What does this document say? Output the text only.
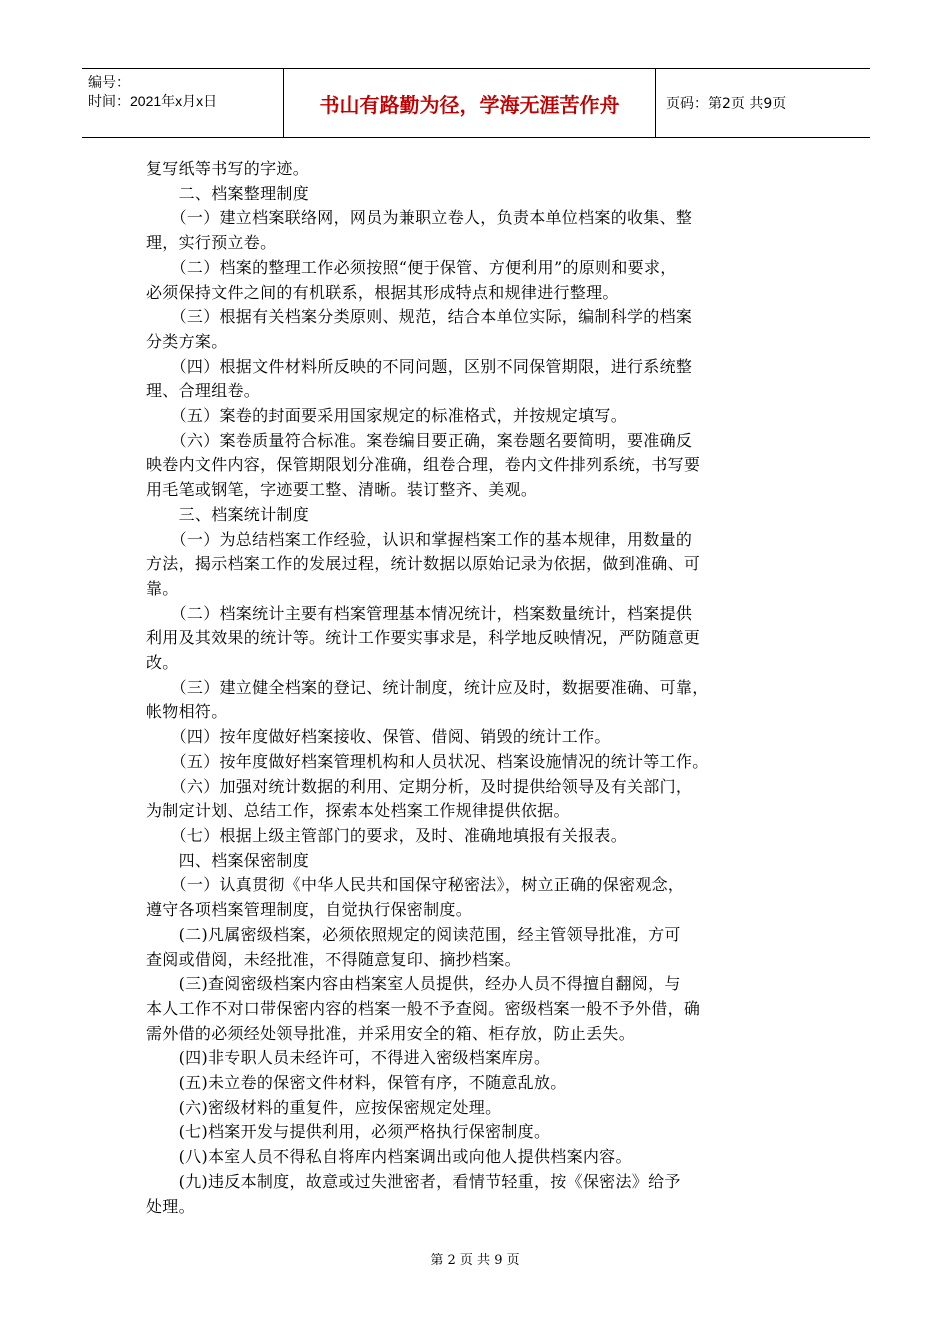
编号：
时间：2021年x月x日	书山有路勤为径，学海无涯苦作舟	页码：第2页 共9页
复写纸等书写的字迹。
　　二、档案整理制度
　　（一）建立档案联络网，网员为兼职立卷人，负责本单位档案的收集、整
理，实行预立卷。
　　（二）档案的整理工作必须按照“便于保管、方便利用”的原则和要求，
必须保持文件之间的有机联系，根据其形成特点和规律进行整理。
　　（三）根据有关档案分类原则、规范，结合本单位实际，编制科学的档案
分类方案。
　　（四）根据文件材料所反映的不同问题，区别不同保管期限，进行系统整
理、合理组卷。
　　（五）案卷的封面要采用国家规定的标准格式，并按规定填写。
　　（六）案卷质量符合标准。案卷编目要正确，案卷题名要简明，要准确反
映卷内文件内容，保管期限划分准确，组卷合理，卷内文件排列系统，书写要
用毛笔或钢笔，字迹要工整、清晰。装订整齐、美观。
　　三、档案统计制度
　　（一）为总结档案工作经验，认识和掌握档案工作的基本规律，用数量的
方法，揭示档案工作的发展过程，统计数据以原始记录为依据，做到准确、可
靠。
　　（二）档案统计主要有档案管理基本情况统计，档案数量统计，档案提供
利用及其效果的统计等。统计工作要实事求是，科学地反映情况，严防随意更
改。
　　（三）建立健全档案的登记、统计制度，统计应及时，数据要准确、可靠，
帐物相符。
　　（四）按年度做好档案接收、保管、借阅、销毁的统计工作。
　　（五）按年度做好档案管理机构和人员状况、档案设施情况的统计等工作。
　　（六）加强对统计数据的利用、定期分析，及时提供给领导及有关部门，
为制定计划、总结工作，探索本处档案工作规律提供依据。
　　（七）根据上级主管部门的要求，及时、准确地填报有关报表。
　　四、档案保密制度
　　（一）认真贯彻《中华人民共和国保守秘密法》，树立正确的保密观念，
遵守各项档案管理制度，自觉执行保密制度。
　　(二)凡属密级档案，必须依照规定的阅读范围，经主管领导批准，方可
查阅或借阅，未经批准，不得随意复印、摘抄档案。
　　(三)查阅密级档案内容由档案室人员提供，经办人员不得擅自翻阅，与
本人工作不对口带保密内容的档案一般不予查阅。密级档案一般不予外借，确
需外借的必须经处领导批准，并采用安全的箱、柜存放，防止丢失。
　　(四)非专职人员未经许可，不得进入密级档案库房。
　　(五)未立卷的保密文件材料，保管有序，不随意乱放。
　　(六)密级材料的重复件，应按保密规定处理。
　　(七)档案开发与提供利用，必须严格执行保密制度。
　　(八)本室人员不得私自将库内档案调出或向他人提供档案内容。
　　(九)违反本制度，故意或过失泄密者，看情节轻重，按《保密法》给予
处理。
第 2 页 共 9 页
